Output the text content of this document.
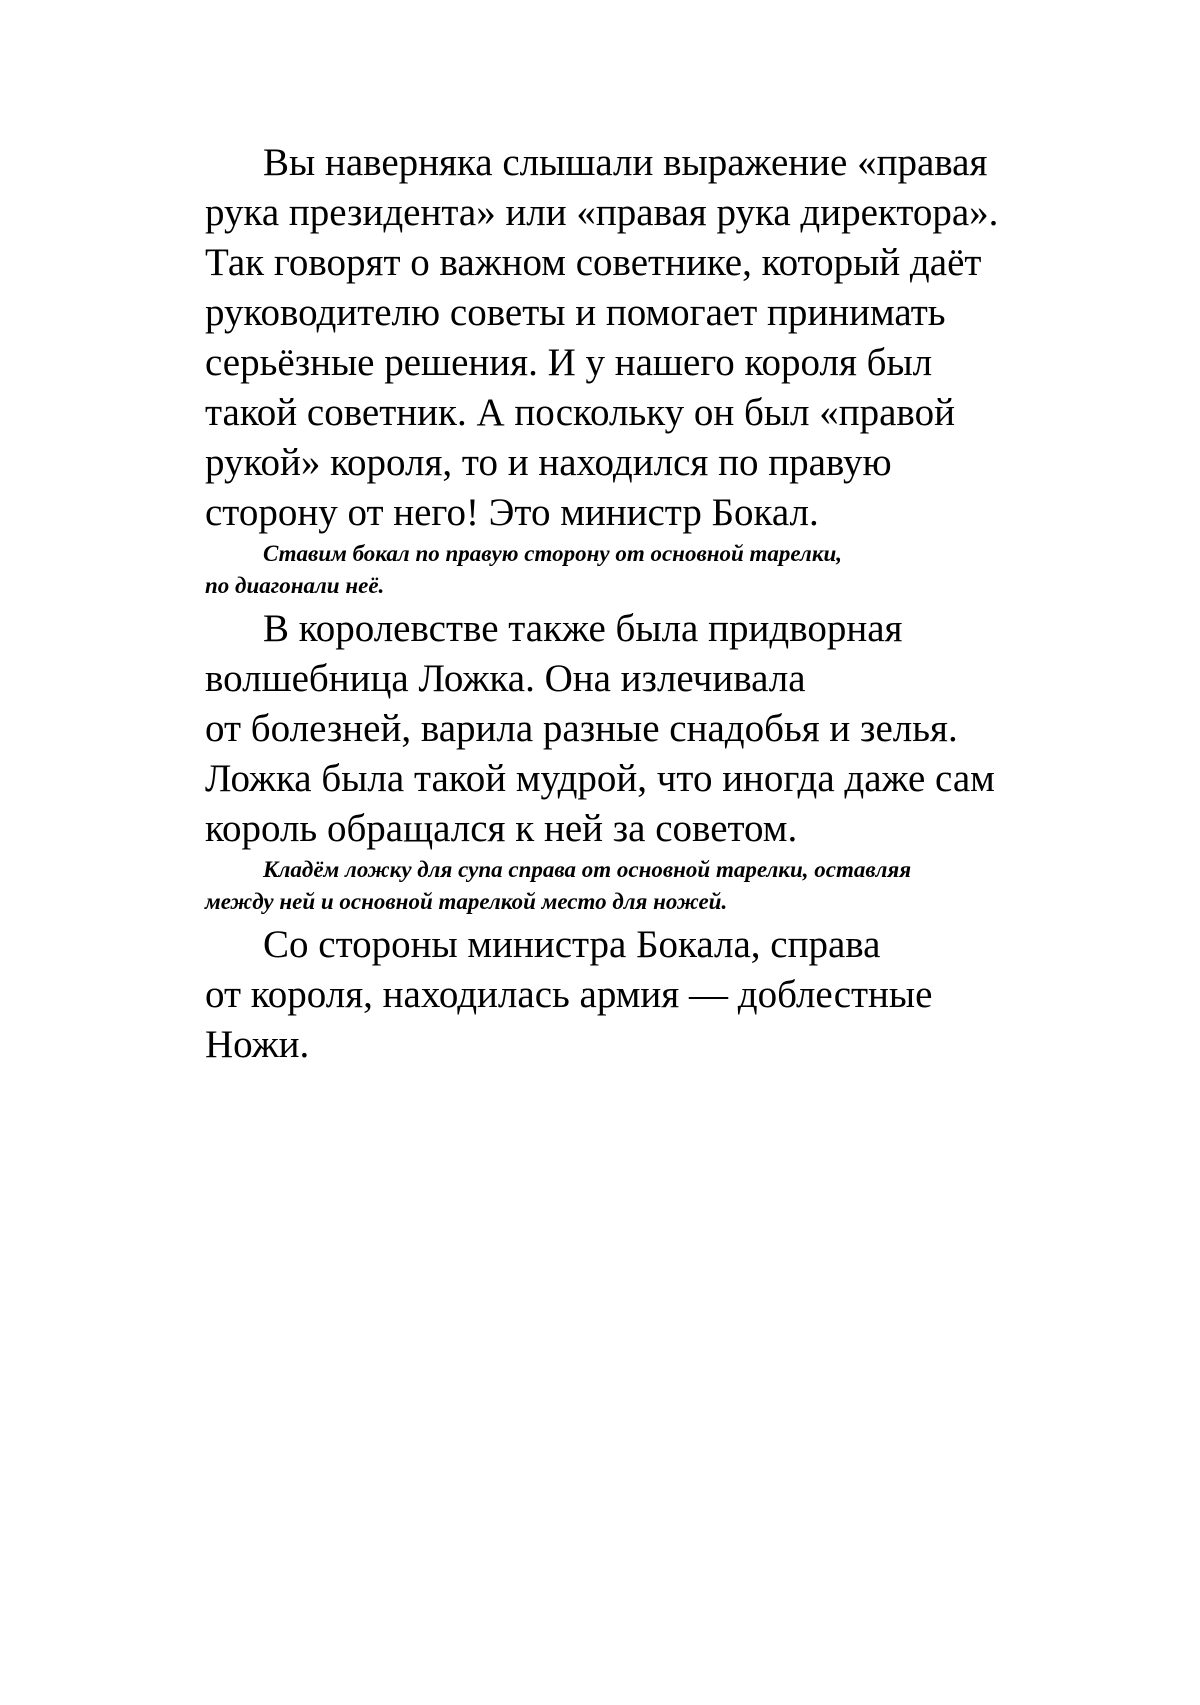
Вы наверняка слышали выражение «правая
рука президента» или «правая рука директора».
Так говорят о важном советнике, который даёт
руководителю советы и помогает принимать
серьёзные решения. И у нашего короля был
такой советник. А поскольку он был «правой
рукой» короля, то и находился по правую
сторону от него! Это министр Бокал.

Ставим бокал по правую сторону от основной тарелки,
по диагонали неё.

В королевстве также была придворная
волшебница Ложка. Она излечивала
от болезней, варила разные снадобья и зелья.
Ложка была такой мудрой, что иногда даже сам
король обращался к ней за советом.

Кладём ложку для супа справа от основной тарелки, оставляя
между ней и основной тарелкой место для ножей.

Со стороны министра Бокала, справа
от короля, находилась армия — доблестные
Ножи.
